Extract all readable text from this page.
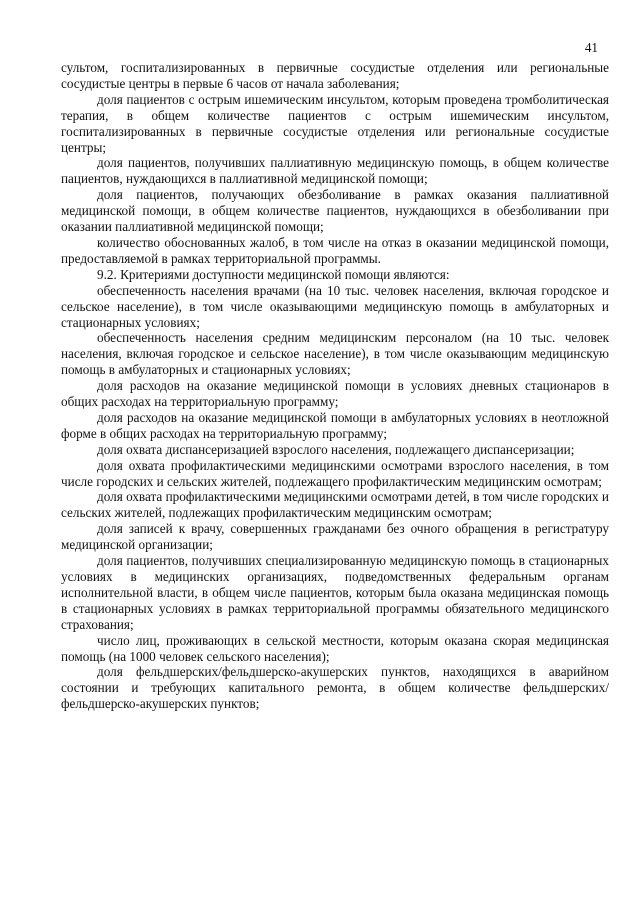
41

сультом, госпитализированных в первичные сосудистые отделения или региональные сосудистые центры в первые 6 часов от начала заболевания;

доля пациентов с острым ишемическим инсультом, которым проведена тромболитическая терапия, в общем количестве пациентов с острым ишемическим инсультом, госпитализированных в первичные сосудистые отделения или региональные сосудистые центры;

доля пациентов, получивших паллиативную медицинскую помощь, в общем количестве пациентов, нуждающихся в паллиативной медицинской помощи;

доля пациентов, получающих обезболивание в рамках оказания паллиативной медицинской помощи, в общем количестве пациентов, нуждающихся в обезболивании при оказании паллиативной медицинской помощи;

количество обоснованных жалоб, в том числе на отказ в оказании медицинской помощи, предоставляемой в рамках территориальной программы.

9.2. Критериями доступности медицинской помощи являются:

обеспеченность населения врачами (на 10 тыс. человек населения, включая городское и сельское население), в том числе оказывающими медицинскую помощь в амбулаторных и стационарных условиях;

обеспеченность населения средним медицинским персоналом (на 10 тыс. человек населения, включая городское и сельское население), в том числе оказывающим медицинскую помощь в амбулаторных и стационарных условиях;

доля расходов на оказание медицинской помощи в условиях дневных стационаров в общих расходах на территориальную программу;

доля расходов на оказание медицинской помощи в амбулаторных условиях в неотложной форме в общих расходах на территориальную программу;

доля охвата диспансеризацией взрослого населения, подлежащего диспансеризации;

доля охвата профилактическими медицинскими осмотрами взрослого населения, в том числе городских и сельских жителей, подлежащего профилактическим медицинским осмотрам;

доля охвата профилактическими медицинскими осмотрами детей, в том числе городских и сельских жителей, подлежащих профилактическим медицинским осмотрам;

доля записей к врачу, совершенных гражданами без очного обращения в регистратуру медицинской организации;

доля пациентов, получивших специализированную медицинскую помощь в стационарных условиях в медицинских организациях, подведомственных федеральным органам исполнительной власти, в общем числе пациентов, которым была оказана медицинская помощь в стационарных условиях в рамках территориальной программы обязательного медицинского страхования;

число лиц, проживающих в сельской местности, которым оказана скорая медицинская помощь (на 1000 человек сельского населения);

доля фельдшерских/фельдшерско-акушерских пунктов, находящихся в аварийном состоянии и требующих капитального ремонта, в общем количестве фельдшерских/фельдшерско-акушерских пунктов;
